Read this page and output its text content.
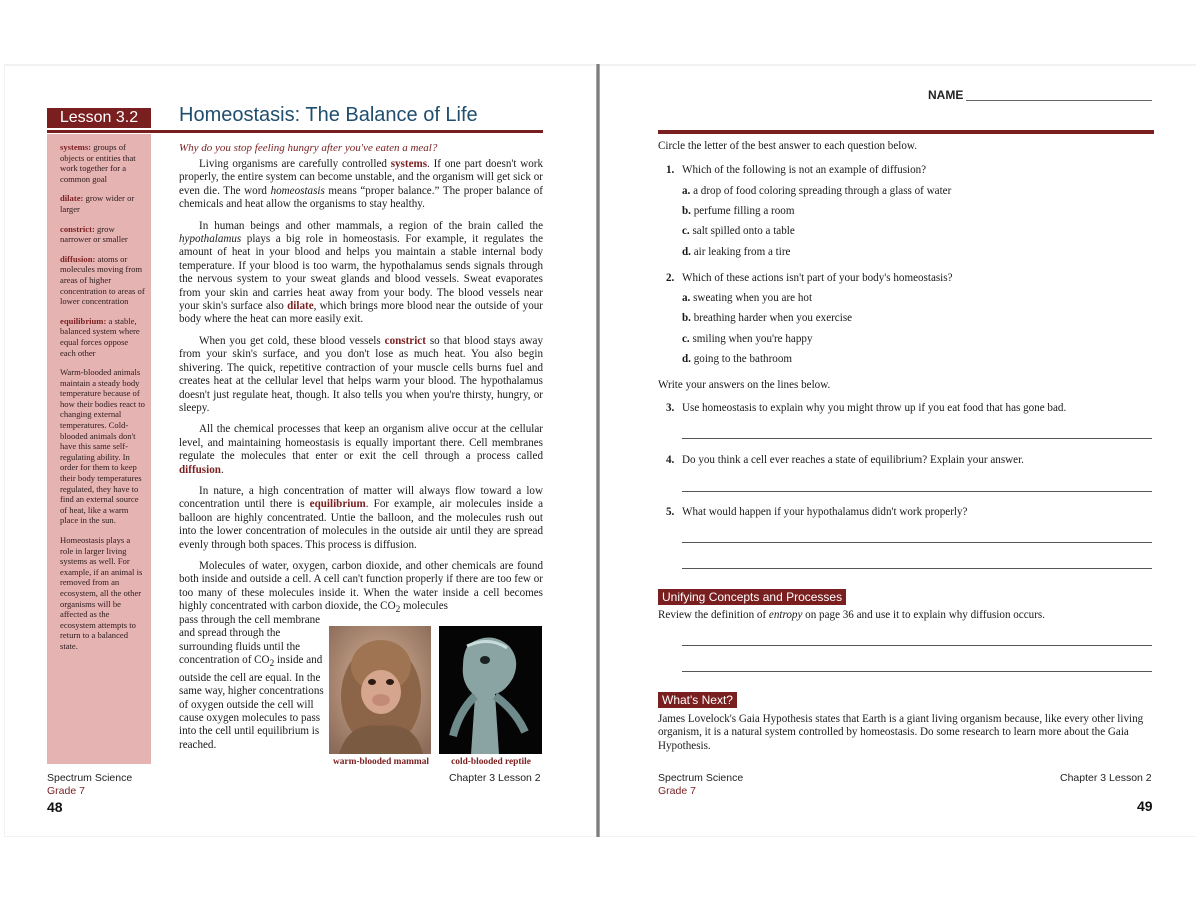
Lesson 3.2	Homeostasis: The Balance of Life

systems: groups of objects or entities that work together for a common goal

dilate: grow wider or larger

constrict: grow narrower or smaller

diffusion: atoms or molecules moving from areas of higher concentration to areas of lower concentration

equilibrium: a stable, balanced system where equal forces oppose each other

Warm-blooded animals maintain a steady body temperature because of how their bodies react to changing external temperatures. Cold-blooded animals don't have this same self-regulating ability. In order for them to keep their body temperatures regulated, they have to find an external source of heat, like a warm place in the sun.

Homeostasis plays a role in larger living systems as well. For example, if an animal is removed from an ecosystem, all the other organisms will be affected as the ecosystem attempts to return to a balanced state.

Why do you stop feeling hungry after you've eaten a meal?

Living organisms are carefully controlled systems. If one part doesn't work properly, the entire system can become unstable, and the organism will get sick or even die. The word homeostasis means “proper balance.” The proper balance of chemicals and heat allow the organisms to stay healthy.

In human beings and other mammals, a region of the brain called the hypothalamus plays a big role in homeostasis. For example, it regulates the amount of heat in your blood and helps you maintain a stable internal body temperature. If your blood is too warm, the hypothalamus sends signals through the nervous system to your sweat glands and blood vessels. Sweat evaporates from your skin and carries heat away from your body. The blood vessels near your skin's surface also dilate, which brings more blood near the outside of your body where the heat can more easily exit.

When you get cold, these blood vessels constrict so that blood stays away from your skin's surface, and you don't lose as much heat. You also begin shivering. The quick, repetitive contraction of your muscle cells burns fuel and creates heat at the cellular level that helps warm your blood. The hypothalamus doesn't just regulate heat, though. It also tells you when you're thirsty, hungry, or sleepy.

All the chemical processes that keep an organism alive occur at the cellular level, and maintaining homeostasis is equally important there. Cell membranes regulate the molecules that enter or exit the cell through a process called diffusion.

In nature, a high concentration of matter will always flow toward a low concentration until there is equilibrium. For example, air molecules inside a balloon are highly concentrated. Untie the balloon, and the molecules rush out into the lower concentration of molecules in the outside air until they are spread evenly through both spaces. This process is diffusion.

Molecules of water, oxygen, carbon dioxide, and other chemicals are found both inside and outside a cell. A cell can't function properly if there are too few or too many of these molecules inside it. When the water inside a cell becomes highly concentrated with carbon dioxide, the $CO_2$ molecules

pass through the cell membrane and spread through the surrounding fluids until the concentration of $CO_2$ inside and outside the cell are equal. In the same way, higher concentrations of oxygen outside the cell will cause oxygen molecules to pass into the cell until equilibrium is reached.

warm-blooded mammal	cold-blooded reptile
Spectrum Science
Grade 7
48
Chapter 3 Lesson 2
NAME
Circle the letter of the best answer to each question below.
1. Which of the following is not an example of diffusion?
a. a drop of food coloring spreading through a glass of water
b. perfume filling a room
c. salt spilled onto a table
d. air leaking from a tire
2. Which of these actions isn't part of your body's homeostasis?
a. sweating when you are hot
b. breathing harder when you exercise
c. smiling when you're happy
d. going to the bathroom
Write your answers on the lines below.
3. Use homeostasis to explain why you might throw up if you eat food that has gone bad.
4. Do you think a cell ever reaches a state of equilibrium? Explain your answer.
5. What would happen if your hypothalamus didn't work properly?
Unifying Concepts and Processes
Review the definition of entropy on page 36 and use it to explain why diffusion occurs.
What's Next?
James Lovelock's Gaia Hypothesis states that Earth is a giant living organism because, like every other living organism, it is a natural system controlled by homeostasis. Do some research to learn more about the Gaia Hypothesis.
Spectrum Science
Grade 7
Chapter 3 Lesson 2
49
